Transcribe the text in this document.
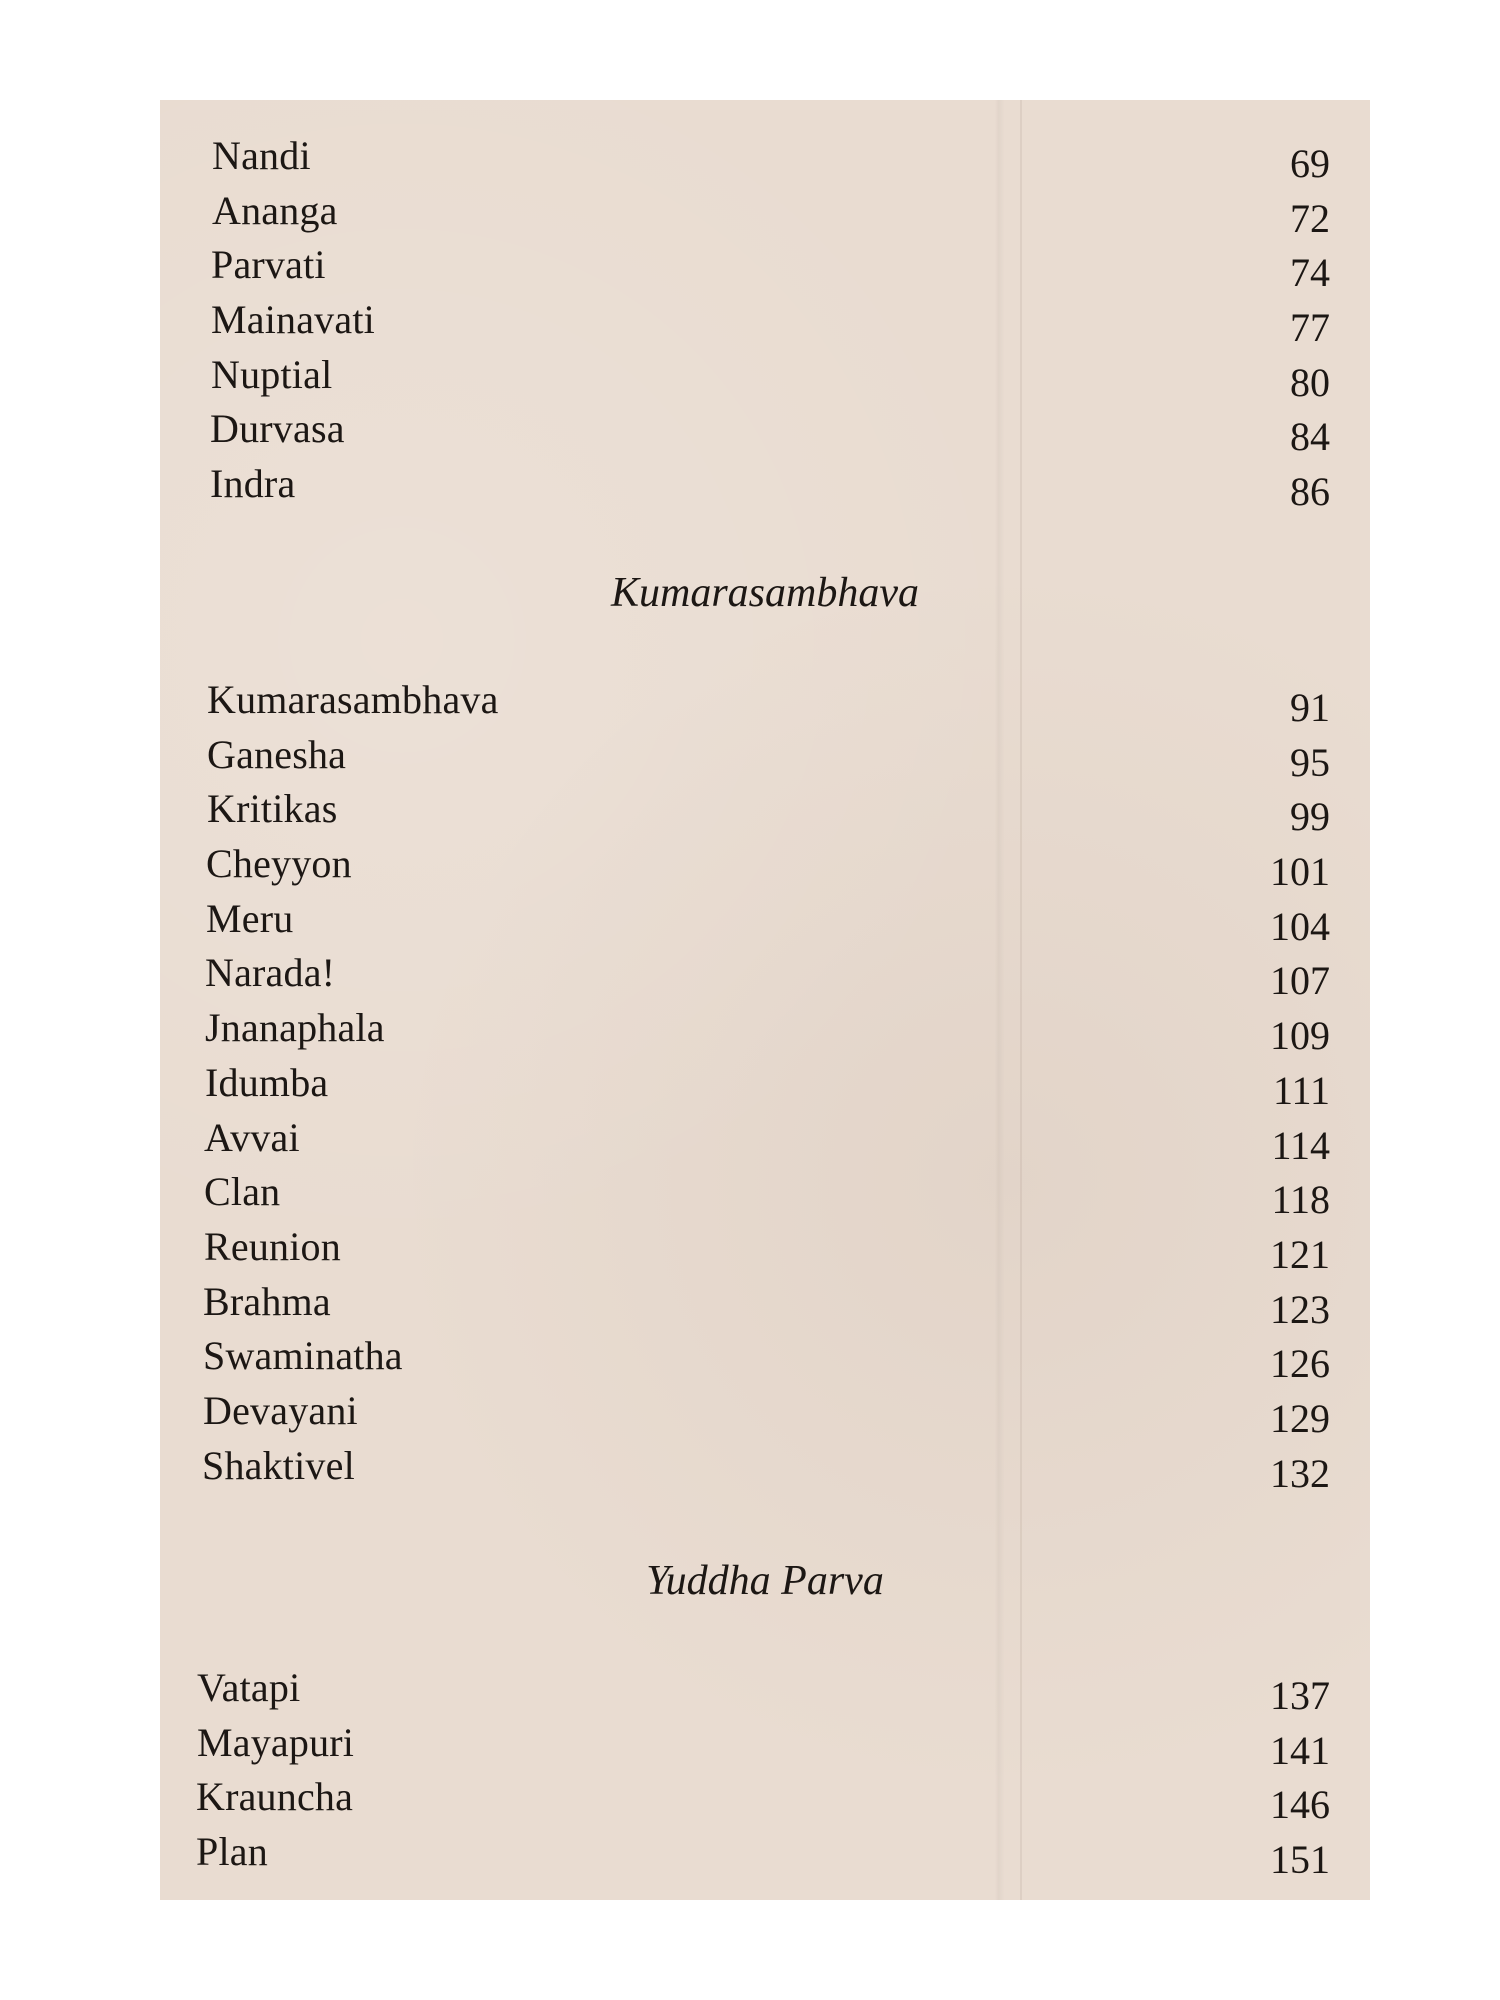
Nandi	69
Ananga	72
Parvati	74
Mainavati	77
Nuptial	80
Durvasa	84
Indra	86
Kumarasambhava
Kumarasambhava	91
Ganesha	95
Kritikas	99
Cheyyon	101
Meru	104
Narada!	107
Jnanaphala	109
Idumba	111
Avvai	114
Clan	118
Reunion	121
Brahma	123
Swaminatha	126
Devayani	129
Shaktivel	132
Yuddha Parva
Vatapi	137
Mayapuri	141
Krauncha	146
Plan	151
